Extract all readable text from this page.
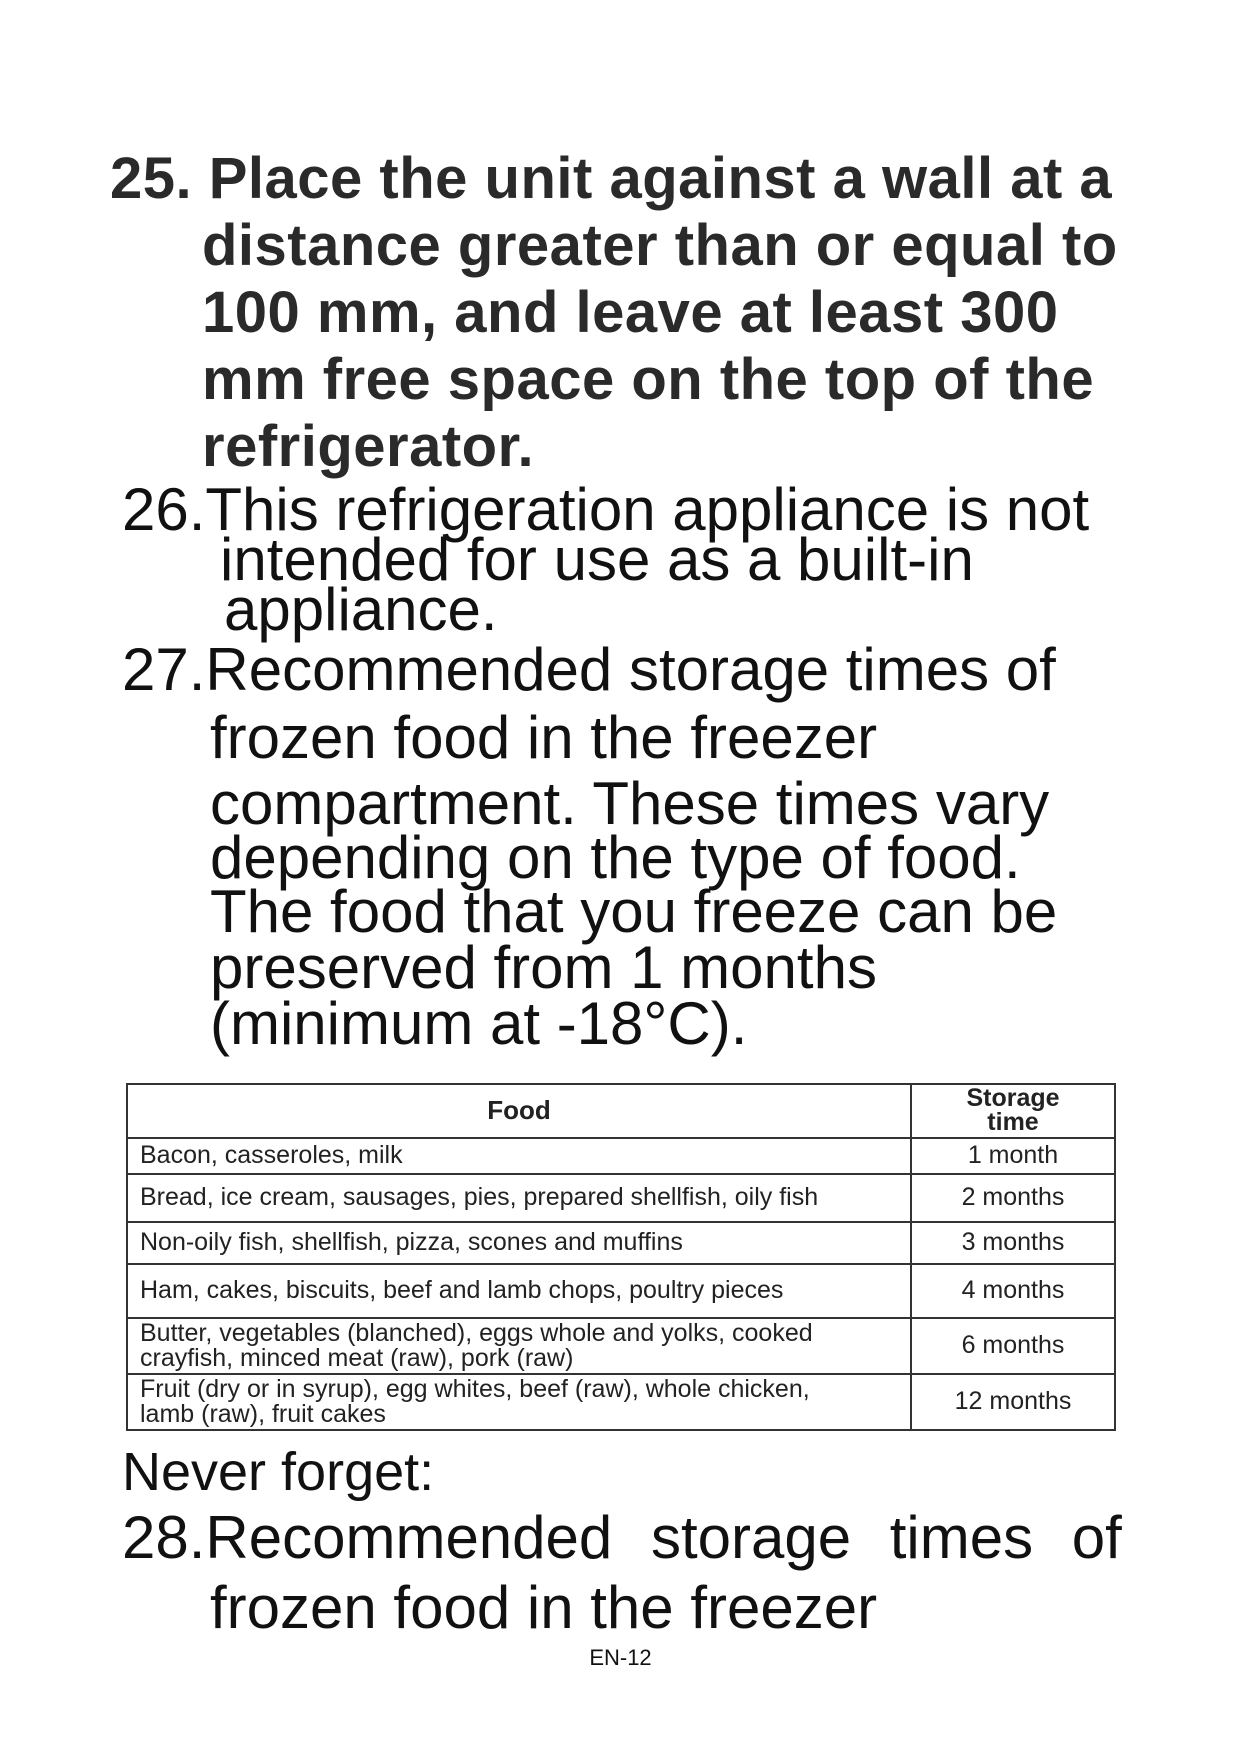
25. Place the unit against a wall at a
distance greater than or equal to
100 mm, and leave at least 300
mm free space on the top of the
refrigerator.
26.This refrigeration appliance is not
intended for use as a built-in
appliance.
27.Recommended storage times of
frozen food in the freezer
compartment. These times vary
depending on the type of food.
The food that you freeze can be
preserved from 1 months
(minimum at -18°C).
Food	Storage
time

Bacon, casseroles, milk	1 month

Bread, ice cream, sausages, pies, prepared shellfish, oily fish	2 months

Non-oily fish, shellfish, pizza, scones and muffins	3 months

Ham, cakes, biscuits, beef and lamb chops, poultry pieces	4 months

Butter, vegetables (blanched), eggs whole and yolks, cooked
crayfish, minced meat (raw), pork (raw)	6 months

Fruit (dry or in syrup), egg whites, beef (raw), whole chicken,
lamb (raw), fruit cakes	12 months
Never forget:
28.Recommended storage times of
frozen food in the freezer
EN-12
